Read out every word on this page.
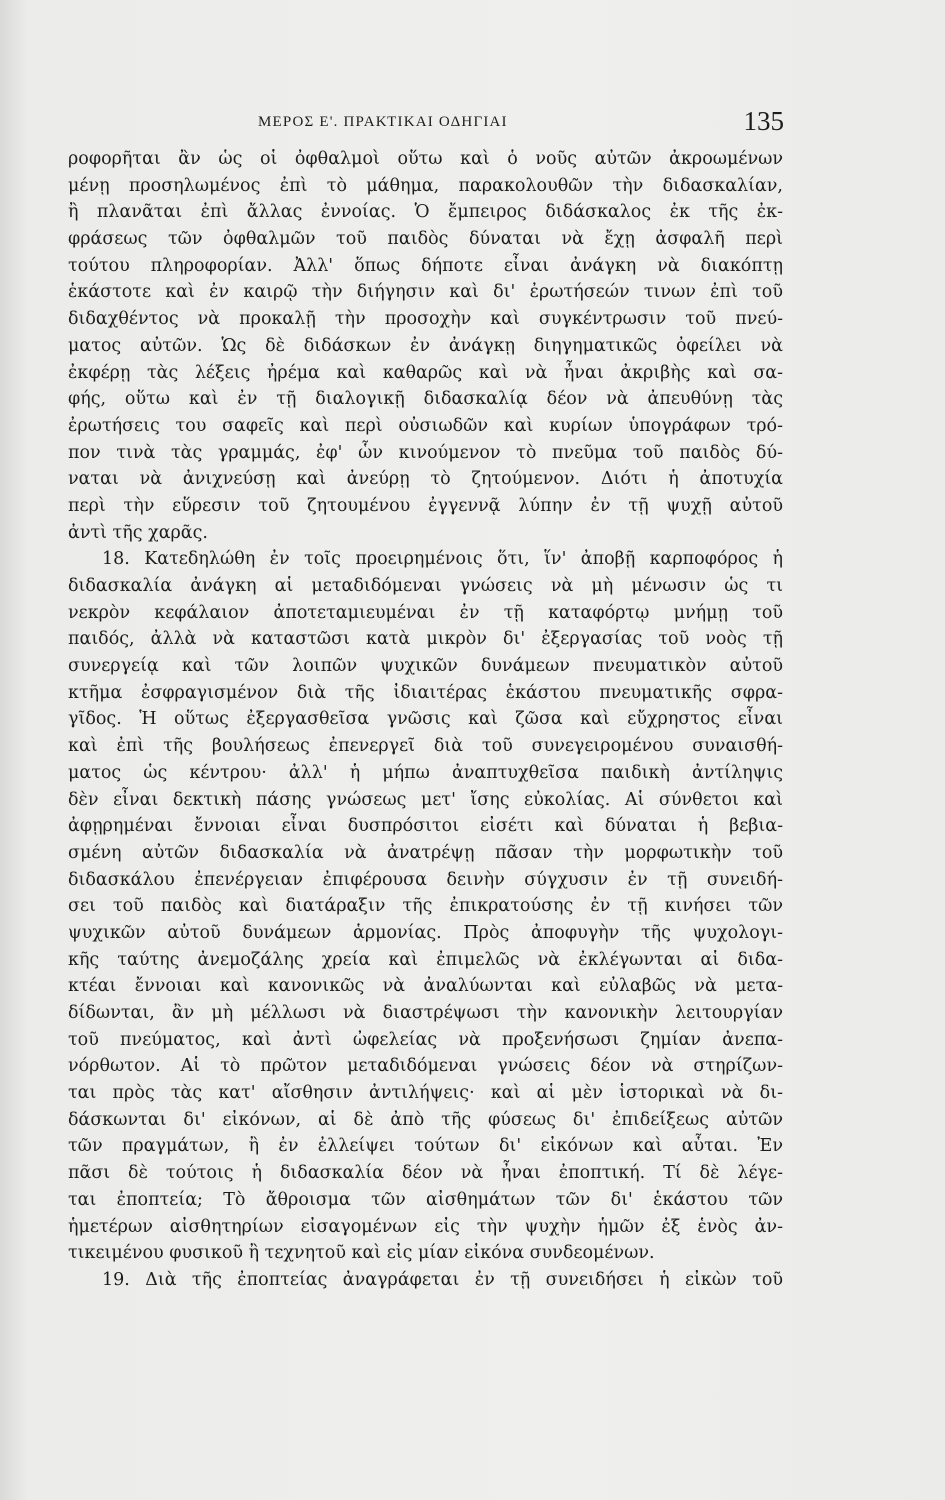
ΜΕΡΟΣ Ε'. ΠΡΑΚΤΙΚΑΙ ΟΔΗΓΙΑΙ	135
ροφορῆται ἂν ὡς οἱ ὀφθαλμοὶ οὕτω καὶ ὁ νοῦς αὐτῶν ἀκροωμένων
μένῃ προσηλωμένος ἐπὶ τὸ μάθημα, παρακολουθῶν τὴν διδασκαλίαν,
ἢ πλανᾶται ἐπὶ ἄλλας ἐννοίας. Ὁ ἔμπειρος διδάσκαλος ἐκ τῆς ἐκ-
φράσεως τῶν ὀφθαλμῶν τοῦ παιδὸς δύναται νὰ ἔχῃ ἀσφαλῆ περὶ
τούτου πληροφορίαν. Ἀλλ' ὅπως δήποτε εἶναι ἀνάγκη νὰ διακόπτῃ
ἑκάστοτε καὶ ἐν καιρῷ τὴν διήγησιν καὶ δι' ἐρωτήσεών τινων ἐπὶ τοῦ
διδαχθέντος νὰ προκαλῇ τὴν προσοχὴν καὶ συγκέντρωσιν τοῦ πνεύ-
ματος αὐτῶν. Ὡς δὲ διδάσκων ἐν ἀνάγκῃ διηγηματικῶς ὀφείλει νὰ
ἐκφέρῃ τὰς λέξεις ἠρέμα καὶ καθαρῶς καὶ νὰ ἦναι ἀκριβὴς καὶ σα-
φής, οὕτω καὶ ἐν τῇ διαλογικῇ διδασκαλίᾳ δέον νὰ ἀπευθύνῃ τὰς
ἐρωτήσεις του σαφεῖς καὶ περὶ οὐσιωδῶν καὶ κυρίων ὑπογράφων τρό-
πον τινὰ τὰς γραμμάς, ἐφ' ὧν κινούμενον τὸ πνεῦμα τοῦ παιδὸς δύ-
ναται νὰ ἀνιχνεύσῃ καὶ ἀνεύρῃ τὸ ζητούμενον. Διότι ἡ ἀποτυχία
περὶ τὴν εὕρεσιν τοῦ ζητουμένου ἐγγεννᾷ λύπην ἐν τῇ ψυχῇ αὐτοῦ
ἀντὶ τῆς χαρᾶς.
18. Κατεδηλώθη ἐν τοῖς προειρημένοις ὅτι, ἵν' ἀποβῇ καρποφόρος ἡ
διδασκαλία ἀνάγκη αἱ μεταδιδόμεναι γνώσεις νὰ μὴ μένωσιν ὡς τι
νεκρὸν κεφάλαιον ἀποτεταμιευμέναι ἐν τῇ καταφόρτῳ μνήμῃ τοῦ
παιδός, ἀλλὰ νὰ καταστῶσι κατὰ μικρὸν δι' ἐξεργασίας τοῦ νοὸς τῇ
συνεργείᾳ καὶ τῶν λοιπῶν ψυχικῶν δυνάμεων πνευματικὸν αὐτοῦ
κτῆμα ἐσφραγισμένον διὰ τῆς ἰδιαιτέρας ἑκάστου πνευματικῆς σφρα-
γῖδος. Ἡ οὕτως ἐξεργασθεῖσα γνῶσις καὶ ζῶσα καὶ εὔχρηστος εἶναι
καὶ ἐπὶ τῆς βουλήσεως ἐπενεργεῖ διὰ τοῦ συνεγειρομένου συναισθή-
ματος ὡς κέντρου· ἀλλ' ἡ μήπω ἀναπτυχθεῖσα παιδικὴ ἀντίληψις
δὲν εἶναι δεκτικὴ πάσης γνώσεως μετ' ἴσης εὐκολίας. Αἱ σύνθετοι καὶ
ἀφῃρημέναι ἔννοιαι εἶναι δυσπρόσιτοι εἰσέτι καὶ δύναται ἡ βεβια-
σμένη αὐτῶν διδασκαλία νὰ ἀνατρέψῃ πᾶσαν τὴν μορφωτικὴν τοῦ
διδασκάλου ἐπενέργειαν ἐπιφέρουσα δεινὴν σύγχυσιν ἐν τῇ συνειδή-
σει τοῦ παιδὸς καὶ διατάραξιν τῆς ἐπικρατούσης ἐν τῇ κινήσει τῶν
ψυχικῶν αὐτοῦ δυνάμεων ἁρμονίας. Πρὸς ἀποφυγὴν τῆς ψυχολογι-
κῆς ταύτης ἀνεμοζάλης χρεία καὶ ἐπιμελῶς νὰ ἐκλέγωνται αἱ διδα-
κτέαι ἔννοιαι καὶ κανονικῶς νὰ ἀναλύωνται καὶ εὐλαβῶς νὰ μετα-
δίδωνται, ἂν μὴ μέλλωσι νὰ διαστρέψωσι τὴν κανονικὴν λειτουργίαν
τοῦ πνεύματος, καὶ ἀντὶ ὠφελείας νὰ προξενήσωσι ζημίαν ἀνεπα-
νόρθωτον. Αἱ τὸ πρῶτον μεταδιδόμεναι γνώσεις δέον νὰ στηρίζων-
ται πρὸς τὰς κατ' αἴσθησιν ἀντιλήψεις· καὶ αἱ μὲν ἱστορικαὶ νὰ δι-
δάσκωνται δι' εἰκόνων, αἱ δὲ ἀπὸ τῆς φύσεως δι' ἐπιδείξεως αὐτῶν
τῶν πραγμάτων, ἢ ἐν ἐλλείψει τούτων δι' εἰκόνων καὶ αὗται. Ἐν
πᾶσι δὲ τούτοις ἡ διδασκαλία δέον νὰ ἦναι ἐποπτική. Τί δὲ λέγε-
ται ἐποπτεία; Τὸ ἄθροισμα τῶν αἰσθημάτων τῶν δι' ἑκάστου τῶν
ἡμετέρων αἰσθητηρίων εἰσαγομένων εἰς τὴν ψυχὴν ἡμῶν ἐξ ἑνὸς ἀν-
τικειμένου φυσικοῦ ἢ τεχνητοῦ καὶ εἰς μίαν εἰκόνα συνδεομένων.
19. Διὰ τῆς ἐποπτείας ἀναγράφεται ἐν τῇ συνειδήσει ἡ εἰκὼν τοῦ
